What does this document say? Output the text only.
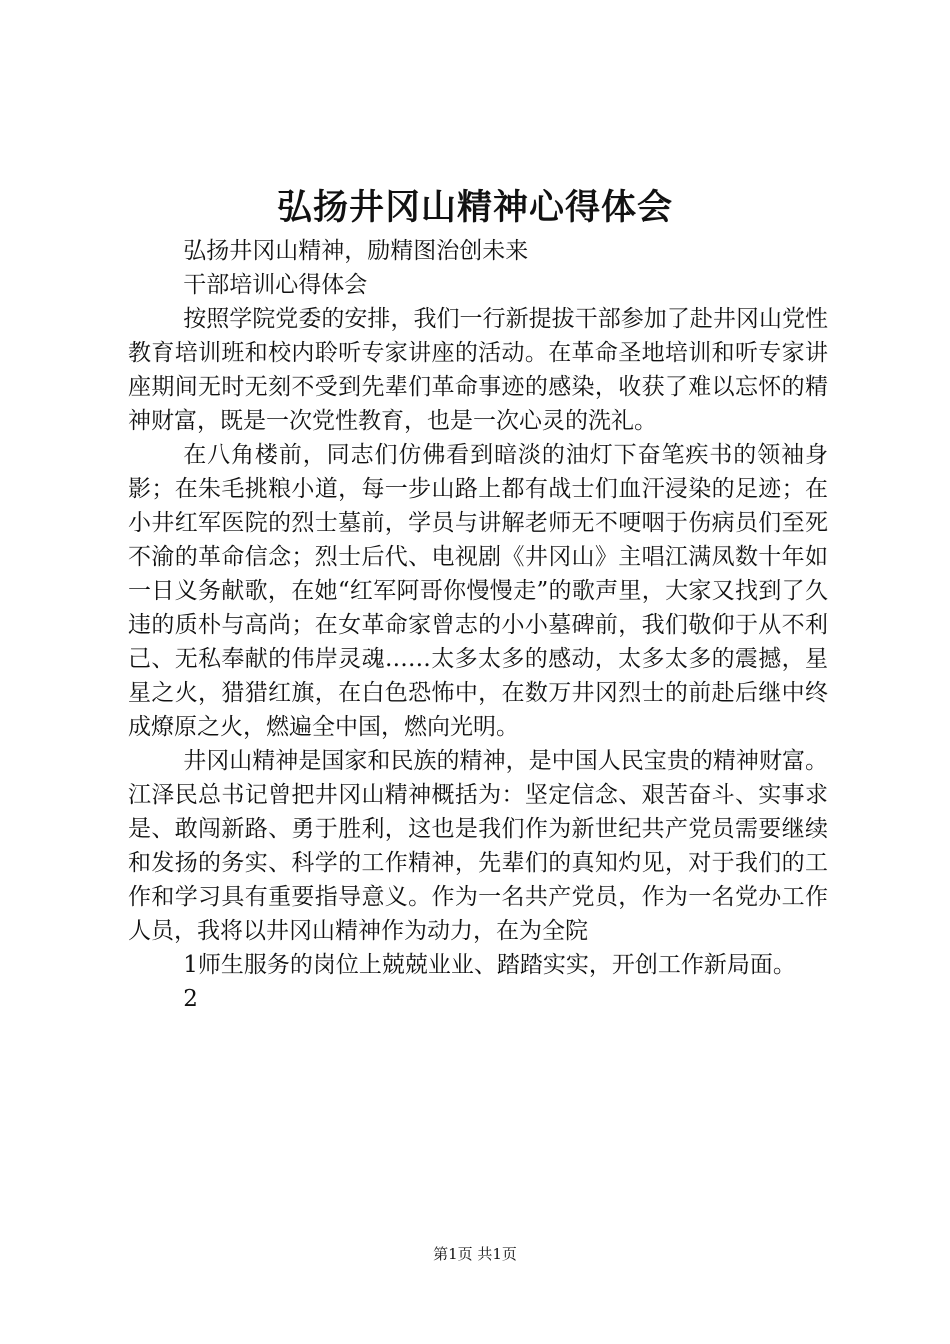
弘扬井冈山精神心得体会

弘扬井冈山精神，励精图治创未来

干部培训心得体会

按照学院党委的安排，我们一行新提拔干部参加了赴井冈山党性教育培训班和校内聆听专家讲座的活动。在革命圣地培训和听专家讲座期间无时无刻不受到先辈们革命事迹的感染，收获了难以忘怀的精神财富，既是一次党性教育，也是一次心灵的洗礼。

在八角楼前，同志们仿佛看到暗淡的油灯下奋笔疾书的领袖身影；在朱毛挑粮小道，每一步山路上都有战士们血汗浸染的足迹；在小井红军医院的烈士墓前，学员与讲解老师无不哽咽于伤病员们至死不渝的革命信念；烈士后代、电视剧《井冈山》主唱江满凤数十年如一日义务献歌，在她“红军阿哥你慢慢走”的歌声里，大家又找到了久违的质朴与高尚；在女革命家曾志的小小墓碑前，我们敬仰于从不利己、无私奉献的伟岸灵魂……太多太多的感动，太多太多的震撼，星星之火，猎猎红旗，在白色恐怖中，在数万井冈烈士的前赴后继中终成燎原之火，燃遍全中国，燃向光明。

井冈山精神是国家和民族的精神，是中国人民宝贵的精神财富。江泽民总书记曾把井冈山精神概括为：坚定信念、艰苦奋斗、实事求是、敢闯新路、勇于胜利，这也是我们作为新世纪共产党员需要继续和发扬的务实、科学的工作精神，先辈们的真知灼见，对于我们的工作和学习具有重要指导意义。作为一名共产党员，作为一名党办工作人员，我将以井冈山精神作为动力，在为全院

1师生服务的岗位上兢兢业业、踏踏实实，开创工作新局面。

2

第1页 共1页
